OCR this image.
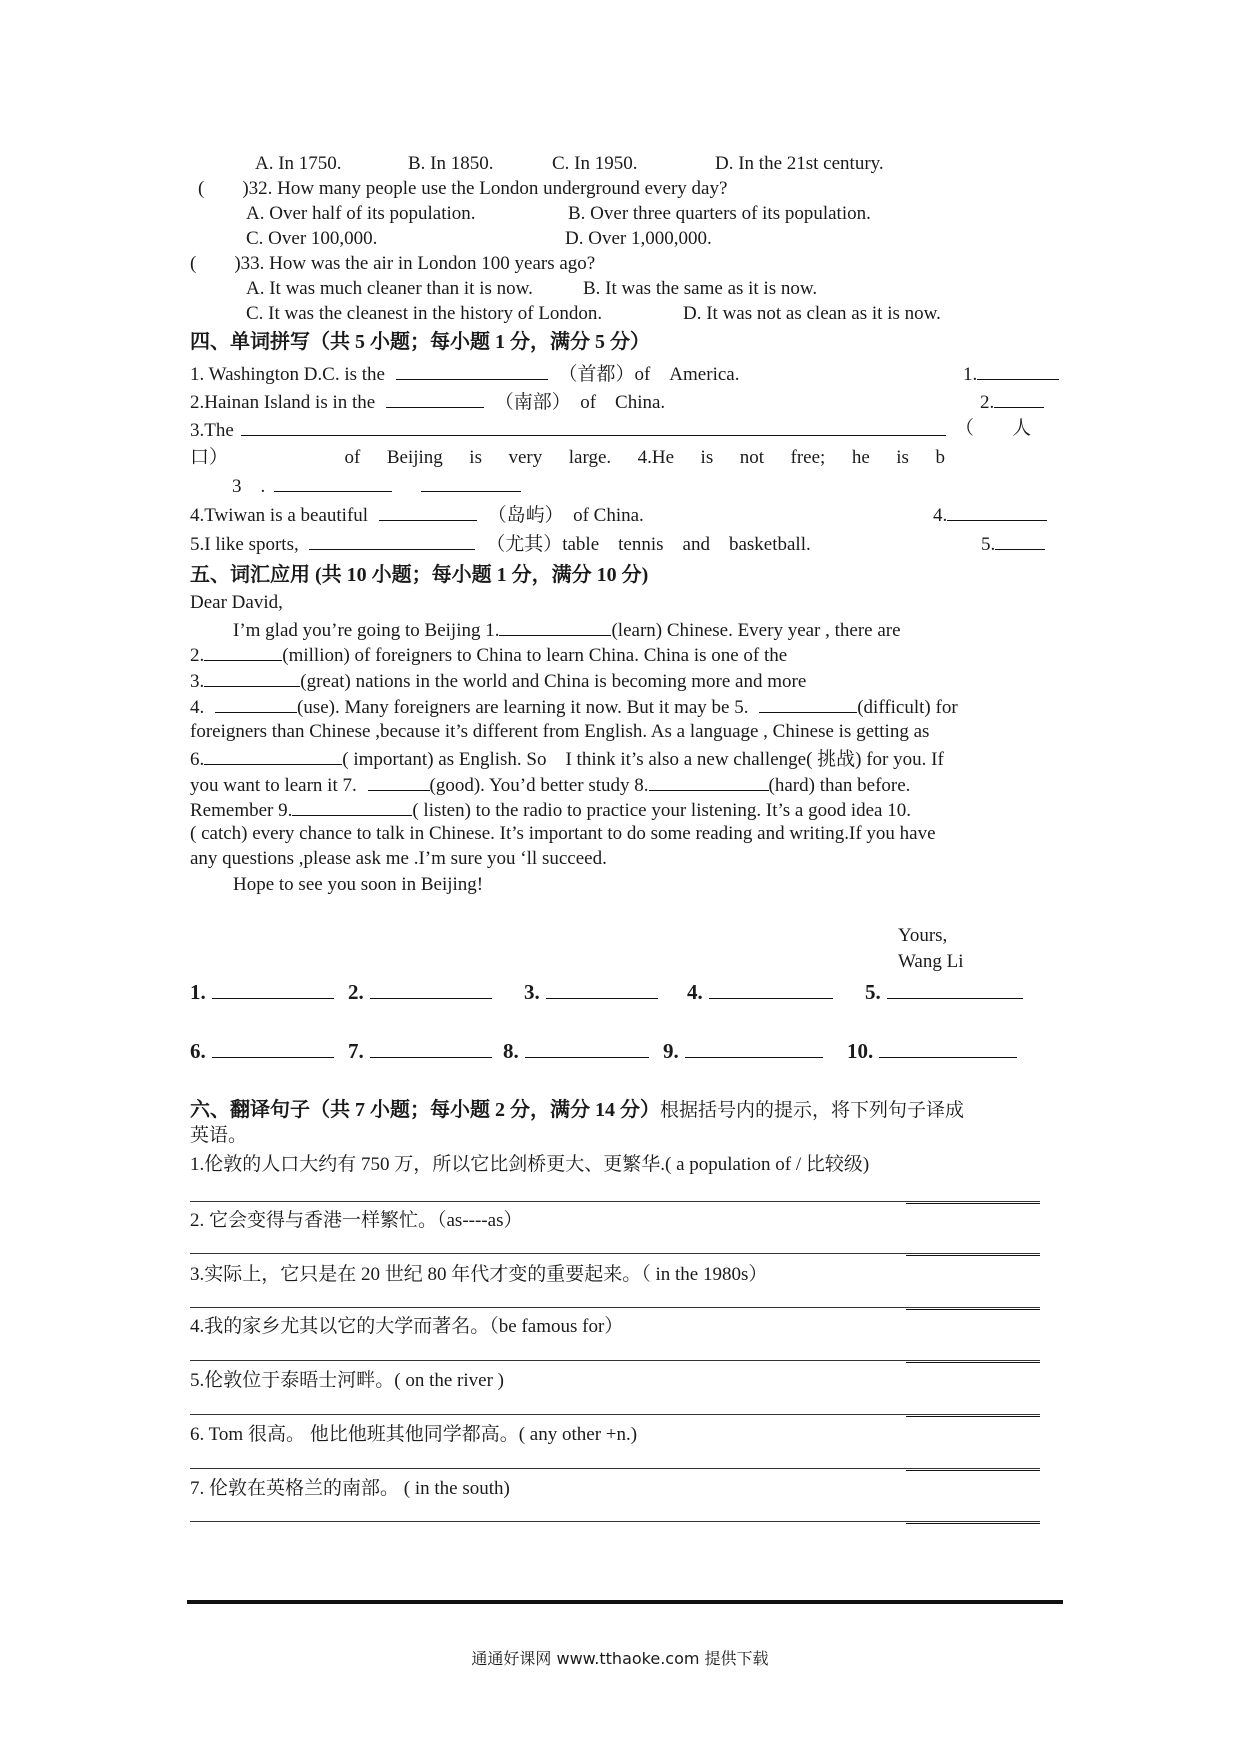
A. In 1750.	B. In 1850.	C. In 1950.	D. In the 21st century.
(　　)32. How many people use the London underground every day?
A. Over half of its population.	B. Over three quarters of its population.
C. Over 100,000.	D. Over 1,000,000.
(　　)33. How was the air in London 100 years ago?
A. It was much cleaner than it is now.	B. It was the same as it is now.
C. It was the cleanest in the history of London.	D. It was not as clean as it is now.
四、单词拼写（共 5 小题；每小题 1 分，满分 5 分）
1. Washington D.C. is the	（首都）of　America.	1.
2.Hainan Island is in the	（南部）　of　China.	2.
3.The	（　　人
口）	of Beijing is very large. 4.He is not free; he is b
3　.
4.Twiwan is a beautiful	（岛屿）　of China.	4.
5.I like sports,	（尤其）table　tennis　and　basketball.	5.
五、词汇应用 (共 10 小题；每小题 1 分，满分 10 分)
Dear David,
I’m glad you’re going to Beijing 1.	(learn) Chinese. Every year , there are
2.	(million) of foreigners to China to learn China. China is one of the
3.	(great) nations in the world and China is becoming more and more
4.	(use). Many foreigners are learning it now. But it may be 5.	(difficult) for
foreigners than Chinese ,because it’s different from English. As a language , Chinese is getting as
6.	( important) as English. So　I think it’s also a new challenge( 挑战) for you. If
you want to learn it 7.	(good). You’d better study 8.	(hard) than before.
Remember 9.	( listen) to the radio to practice your listening. It’s a good idea 10.
( catch) every chance to talk in Chinese. It’s important to do some reading and writing.If you have
any questions ,please ask me .I’m sure you ‘ll succeed.
Hope to see you soon in Beijing!
Yours,
Wang Li
1.	2.	3.	4.	5.
6.	7.	8.	9.	10.
六、翻译句子（共 7 小题；每小题 2 分，满分 14 分）根据括号内的提示，将下列句子译成
英语。
1.伦敦的人口大约有 750 万，所以它比剑桥更大、更繁华.( a population of / 比较级)
2. 它会变得与香港一样繁忙。（as----as）
3.实际上，它只是在 20 世纪 80 年代才变的重要起来。（ in the 1980s）
4.我的家乡尤其以它的大学而著名。（be famous for）
5.伦敦位于泰晤士河畔。( on the river )
6. Tom 很高。 他比他班其他同学都高。( any other +n.)
7. 伦敦在英格兰的南部。 ( in the south)
通通好课网 www.tthaoke.com 提供下载
